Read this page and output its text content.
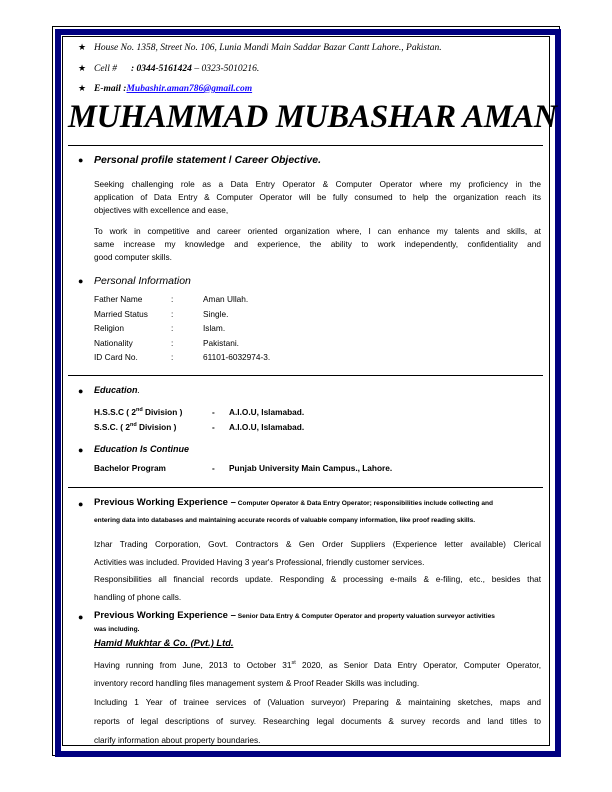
★ House No. 1358, Street No. 106, Lunia Mandi Main Saddar Bazar Cantt Lahore., Pakistan.
★ Cell # : 0344-5161424 – 0323-5010216.
★ E-mail :Mubashir.aman786@gmail.com
MUHAMMAD MUBASHAR AMAN
● Personal profile statement / Career Objective.
Seeking challenging role as a Data Entry Operator & Computer Operator where my proficiency in the
application of Data Entry & Computer Operator will be fully consumed to help the organization reach its
objectives with excellence and ease,
To work in competitive and career oriented organization where, I can enhance my talents and skills, at
same increase my knowledge and experience, the ability to work independently, confidentiality and
good computer skills.
● Personal Information
Father Name	:	Aman Ullah.
Married Status	:	Single.
Religion	:	Islam.
Nationality	:	Pakistani.
ID Card No.	:	61101-6032974-3.
● Education.
H.S.S.C ( 2nd Division )	- A.I.O.U, Islamabad.
S.S.C. ( 2nd Division )	- A.I.O.U, Islamabad.
● Education Is Continue
Bachelor Program	- Punjab University Main Campus., Lahore.
● Previous Working Experience – Computer Operator & Data Entry Operator; responsibilities include collecting and
entering data into databases and maintaining accurate records of valuable company information, like proof reading skills.
Izhar Trading Corporation, Govt. Contractors & Gen Order Suppliers (Experience letter available) Clerical
Activities was included. Provided Having 3 year's Professional, friendly customer services.
Responsibilities all financial records update. Responding & processing e-mails & e-filing, etc., besides that
handling of phone calls.
● Previous Working Experience – Senior Data Entry & Computer Operator and property valuation surveyor activities
was including.
Hamid Mukhtar & Co. (Pvt.) Ltd.
Having running from June, 2013 to October 31st 2020, as Senior Data Entry Operator, Computer Operator,
inventory record handling files management system & Proof Reader Skills was including.
Including 1 Year of trainee services of (Valuation surveyor) Preparing & maintaining sketches, maps and
reports of legal descriptions of survey. Researching legal documents & survey records and land titles to
clarify information about property boundaries.
